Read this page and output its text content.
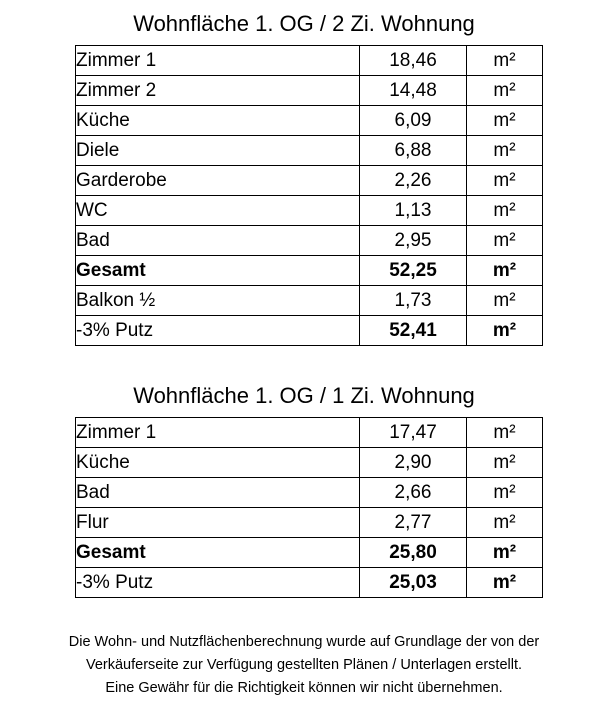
Wohnfläche 1. OG / 2 Zi. Wohnung
Zimmer 1	18,46	m²
Zimmer 2	14,48	m²
Küche	6,09	m²
Diele	6,88	m²
Garderobe	2,26	m²
WC	1,13	m²
Bad	2,95	m²
Gesamt	52,25	m²
Balkon ½	1,73	m²
-3% Putz	52,41	m²
Wohnfläche 1. OG / 1 Zi. Wohnung
Zimmer 1	17,47	m²
Küche	2,90	m²
Bad	2,66	m²
Flur	2,77	m²
Gesamt	25,80	m²
-3% Putz	25,03	m²
Die Wohn- und Nutzflächenberechnung wurde auf Grundlage der von der
Verkäuferseite zur Verfügung gestellten Plänen / Unterlagen erstellt.
Eine Gewähr für die Richtigkeit können wir nicht übernehmen.
